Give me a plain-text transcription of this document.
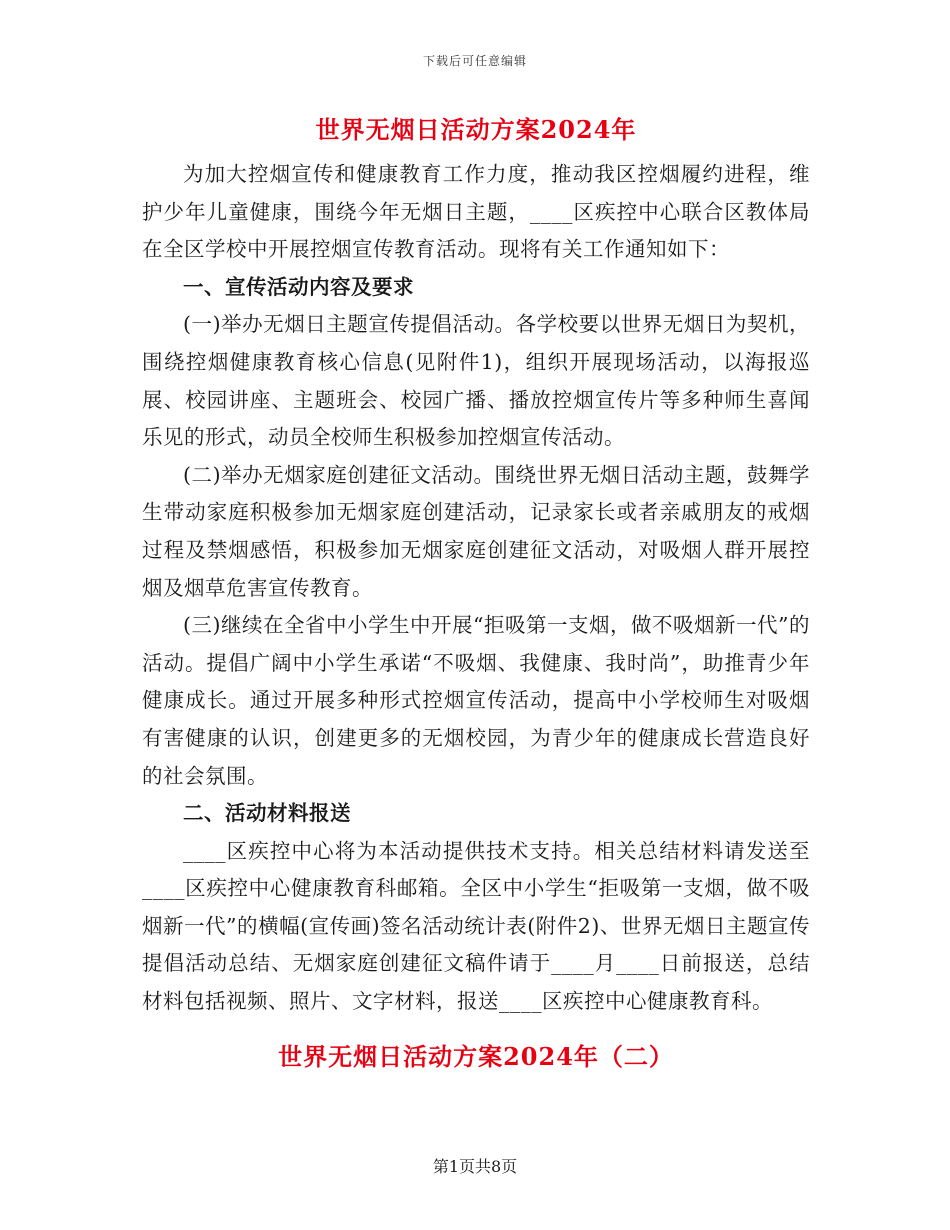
下载后可任意编辑
世界无烟日活动方案2024年

为加大控烟宣传和健康教育工作力度，推动我区控烟履约进程，维护少年儿童健康，围绕今年无烟日主题，____区疾控中心联合区教体局在全区学校中开展控烟宣传教育活动。现将有关工作通知如下：

一、宣传活动内容及要求

(一)举办无烟日主题宣传提倡活动。各学校要以世界无烟日为契机，围绕控烟健康教育核心信息(见附件1)，组织开展现场活动，以海报巡展、校园讲座、主题班会、校园广播、播放控烟宣传片等多种师生喜闻乐见的形式，动员全校师生积极参加控烟宣传活动。

(二)举办无烟家庭创建征文活动。围绕世界无烟日活动主题，鼓舞学生带动家庭积极参加无烟家庭创建活动，记录家长或者亲戚朋友的戒烟过程及禁烟感悟，积极参加无烟家庭创建征文活动，对吸烟人群开展控烟及烟草危害宣传教育。

(三)继续在全省中小学生中开展“拒吸第一支烟，做不吸烟新一代”的活动。提倡广阔中小学生承诺“不吸烟、我健康、我时尚”，助推青少年健康成长。通过开展多种形式控烟宣传活动，提高中小学校师生对吸烟有害健康的认识，创建更多的无烟校园，为青少年的健康成长营造良好的社会氛围。

二、活动材料报送

____区疾控中心将为本活动提供技术支持。相关总结材料请发送至____区疾控中心健康教育科邮箱。全区中小学生“拒吸第一支烟，做不吸烟新一代”的横幅(宣传画)签名活动统计表(附件2)、世界无烟日主题宣传提倡活动总结、无烟家庭创建征文稿件请于____月____日前报送，总结材料包括视频、照片、文字材料，报送____区疾控中心健康教育科。

世界无烟日活动方案2024年（二）
第1页共8页
